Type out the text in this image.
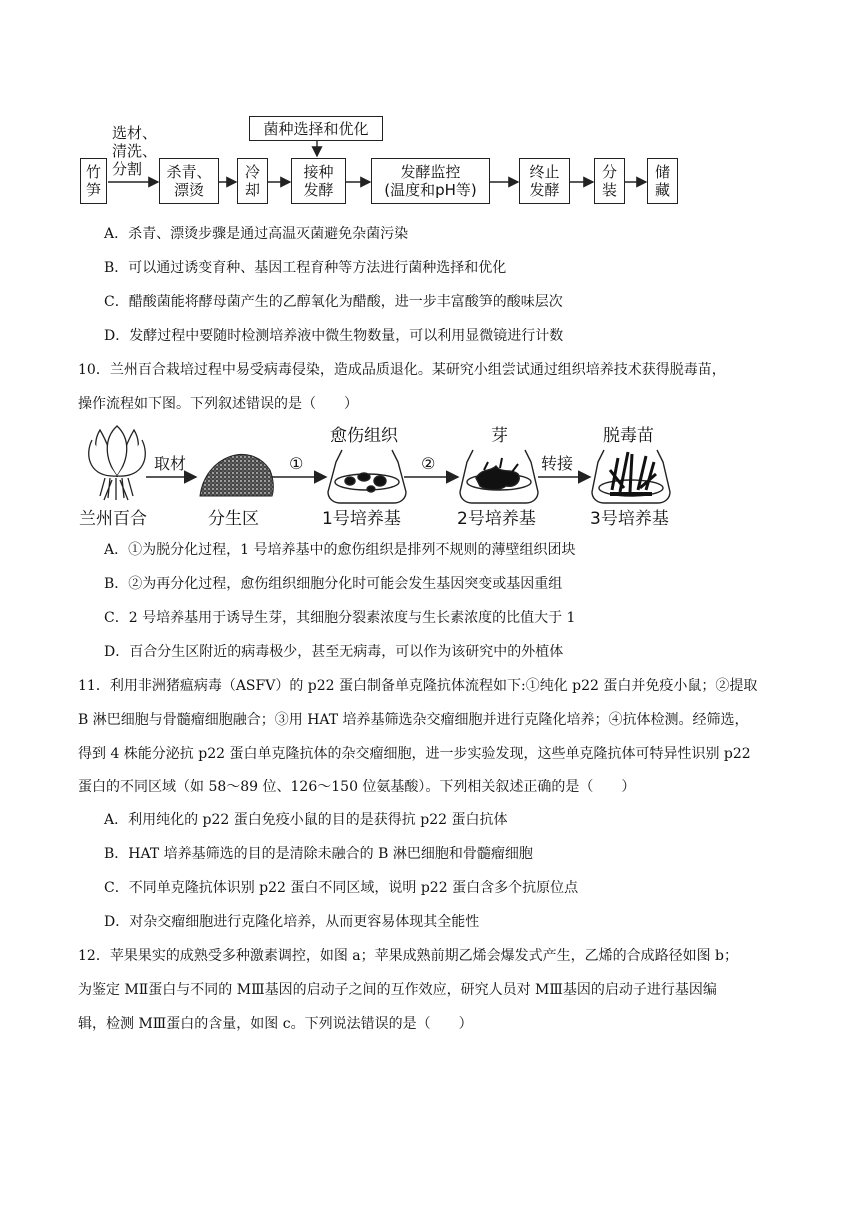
菌种选择和优化
选材、
清洗、
分割
竹
笋
杀青、
漂烫
冷
却
接种
发酵
发酵监控
(温度和pH等)
终止
发酵
分
装
储
藏
A．杀青、漂烫步骤是通过高温灭菌避免杂菌污染
B．可以通过诱变育种、基因工程育种等方法进行菌种选择和优化
C．醋酸菌能将酵母菌产生的乙醇氧化为醋酸，进一步丰富酸笋的酸味层次
D．发酵过程中要随时检测培养液中微生物数量，可以利用显微镜进行计数
10．兰州百合栽培过程中易受病毒侵染，造成品质退化。某研究小组尝试通过组织培养技术获得脱毒苗，
操作流程如下图。下列叙述错误的是（　　）
愈伤组织	芽	脱毒苗
取材	①	②	转接
兰州百合	分生区	1号培养基	2号培养基	3号培养基
A．①为脱分化过程，1 号培养基中的愈伤组织是排列不规则的薄壁组织团块
B．②为再分化过程，愈伤组织细胞分化时可能会发生基因突变或基因重组
C．2 号培养基用于诱导生芽，其细胞分裂素浓度与生长素浓度的比值大于 1
D．百合分生区附近的病毒极少，甚至无病毒，可以作为该研究中的外植体
11．利用非洲猪瘟病毒（ASFV）的 p22 蛋白制备单克隆抗体流程如下:①纯化 p22 蛋白并免疫小鼠；②提取
B 淋巴细胞与骨髓瘤细胞融合；③用 HAT 培养基筛选杂交瘤细胞并进行克隆化培养；④抗体检测。经筛选，
得到 4 株能分泌抗 p22 蛋白单克隆抗体的杂交瘤细胞，进一步实验发现，这些单克隆抗体可特异性识别 p22
蛋白的不同区域（如 58～89 位、126～150 位氨基酸）。下列相关叙述正确的是（　　）
A．利用纯化的 p22 蛋白免疫小鼠的目的是获得抗 p22 蛋白抗体
B．HAT 培养基筛选的目的是清除未融合的 B 淋巴细胞和骨髓瘤细胞
C．不同单克隆抗体识别 p22 蛋白不同区域，说明 p22 蛋白含多个抗原位点
D．对杂交瘤细胞进行克隆化培养，从而更容易体现其全能性
12．苹果果实的成熟受多种激素调控，如图 a；苹果成熟前期乙烯会爆发式产生，乙烯的合成路径如图 b；
为鉴定 MⅡ蛋白与不同的 MⅢ基因的启动子之间的互作效应，研究人员对 MⅢ基因的启动子进行基因编
辑，检测 MⅢ蛋白的含量，如图 c。下列说法错误的是（　　）
